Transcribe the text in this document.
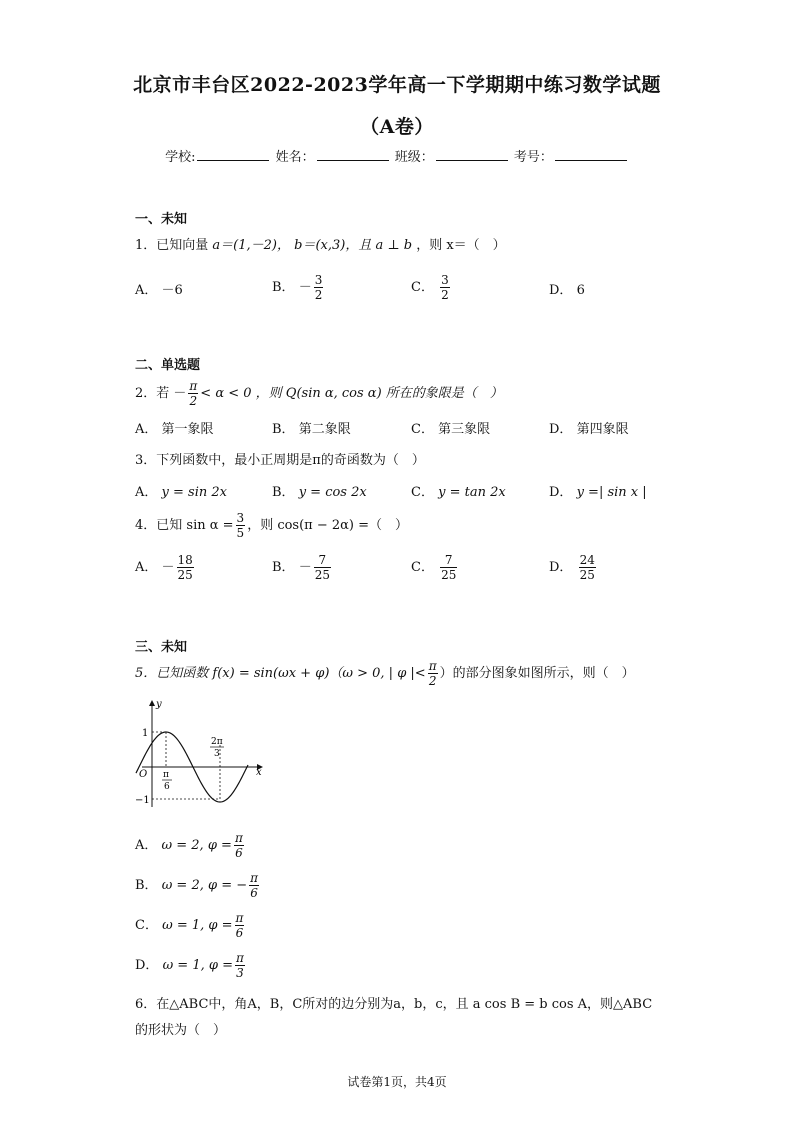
北京市丰台区2022-2023学年高一下学期期中练习数学试题
（A卷）
学校:	姓名：	班级：	考号：
一、未知
1．已知向量 a＝(1,－2)， b＝(x,3)，且 a ⊥ b ，则 x＝（　）
A． －6	B． － $\frac{3}{2}$	C． $\frac{3}{2}$	D． 6
二、单选题
2．若 － $\frac{\pi}{2} < \alpha < 0$ ，则 Q(sin α, cos α) 所在的象限是（　）
A． 第一象限	B． 第二象限	C． 第三象限	D． 第四象限
3．下列函数中，最小正周期是π的奇函数为（　）
A． y = sin 2x	B． y = cos 2x	C． y = tan 2x	D． y =| sin x |
4．已知 $\sin \alpha = \frac{3}{5}$ ，则 cos(π − 2α) =（　）
A． － $\frac{18}{25}$	B． － $\frac{7}{25}$	C． $\frac{7}{25}$	D． $\frac{24}{25}$
三、未知
5．已知函数 f(x) = sin(ωx + φ)（ω > 0, | φ |< $\frac{\pi}{2}$ ）的部分图象如图所示，则（　）
y
x
O
1
−1
π
6
2π
3
A． ω = 2, $\varphi = \frac{\pi}{6}$
B． ω = 2, φ = − $\frac{\pi}{6}$
C． ω = 1, $\varphi = \frac{\pi}{6}$
D． ω = 1, $\varphi = \frac{\pi}{3}$
6．在△ABC中，角A，B，C所对的边分别为a，b，c，且 a cos B = b cos A，则△ABC
的形状为（　）
试卷第1页，共4页
